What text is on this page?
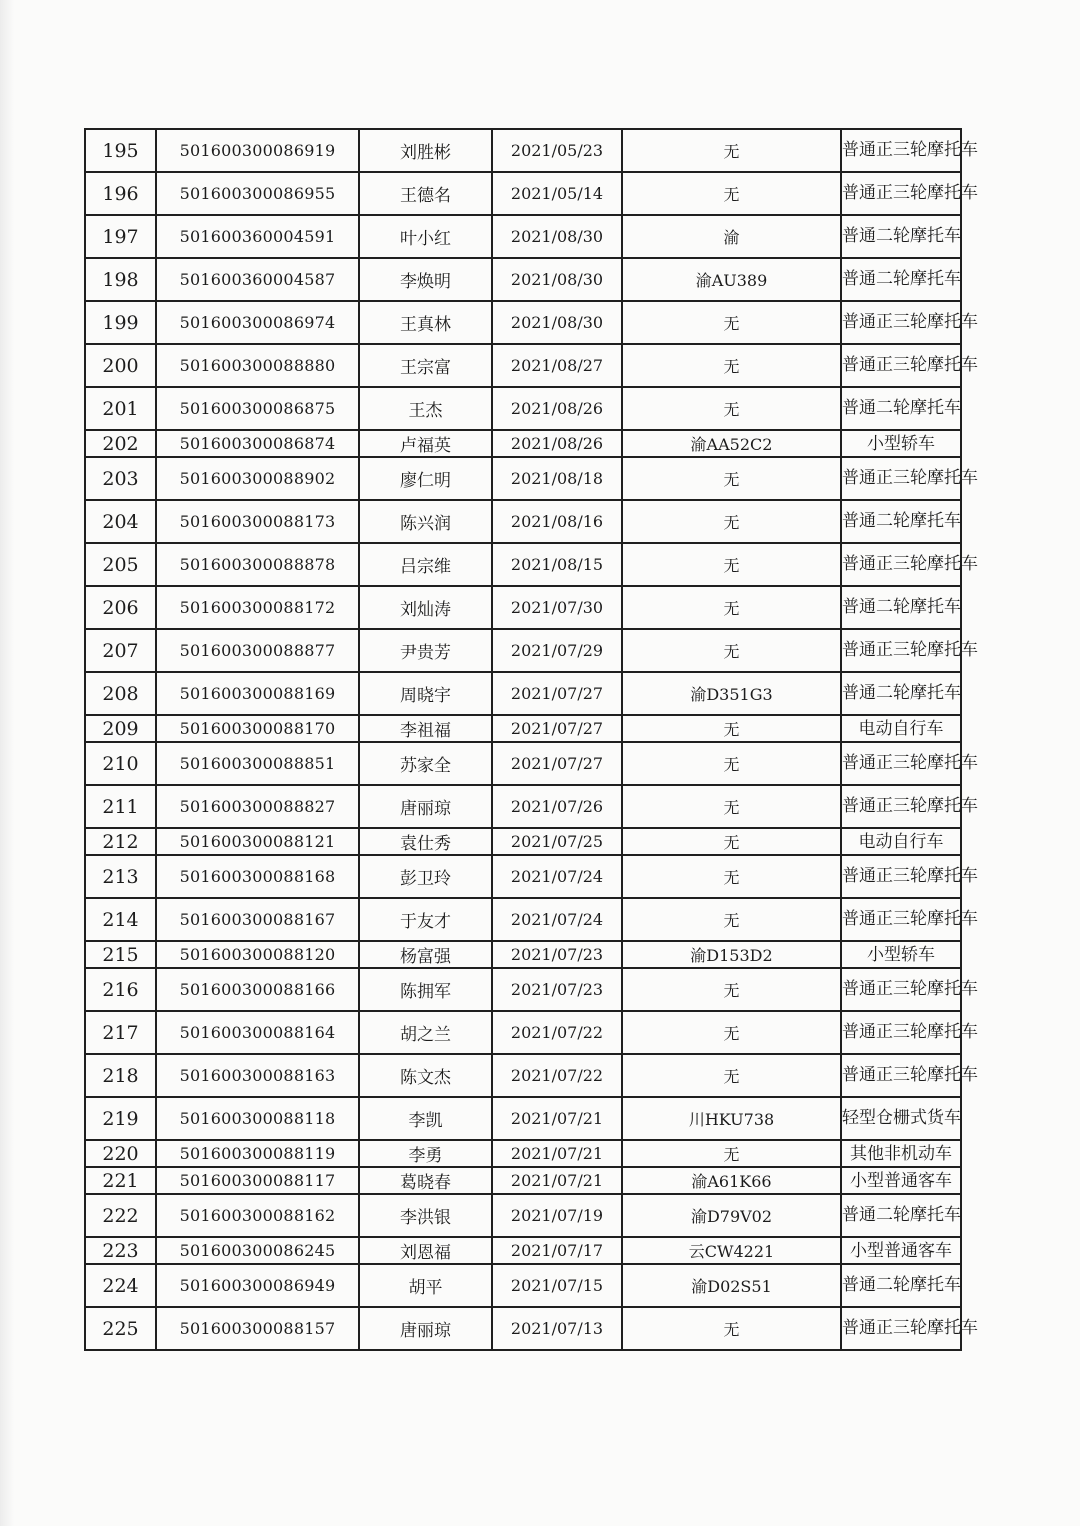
195	501600300086919	刘胜彬	2021/05/23	无	普通正三轮摩托车
196	501600300086955	王德名	2021/05/14	无	普通正三轮摩托车
197	501600360004591	叶小红	2021/08/30	渝	普通二轮摩托车
198	501600360004587	李焕明	2021/08/30	渝AU389	普通二轮摩托车
199	501600300086974	王真林	2021/08/30	无	普通正三轮摩托车
200	501600300088880	王宗富	2021/08/27	无	普通正三轮摩托车
201	501600300086875	王杰	2021/08/26	无	普通二轮摩托车
202	501600300086874	卢福英	2021/08/26	渝AA52C2	小型轿车
203	501600300088902	廖仁明	2021/08/18	无	普通正三轮摩托车
204	501600300088173	陈兴润	2021/08/16	无	普通二轮摩托车
205	501600300088878	吕宗维	2021/08/15	无	普通正三轮摩托车
206	501600300088172	刘灿涛	2021/07/30	无	普通二轮摩托车
207	501600300088877	尹贵芳	2021/07/29	无	普通正三轮摩托车
208	501600300088169	周晓宇	2021/07/27	渝D351G3	普通二轮摩托车
209	501600300088170	李祖福	2021/07/27	无	电动自行车
210	501600300088851	苏家全	2021/07/27	无	普通正三轮摩托车
211	501600300088827	唐丽琼	2021/07/26	无	普通正三轮摩托车
212	501600300088121	袁仕秀	2021/07/25	无	电动自行车
213	501600300088168	彭卫玲	2021/07/24	无	普通正三轮摩托车
214	501600300088167	于友才	2021/07/24	无	普通正三轮摩托车
215	501600300088120	杨富强	2021/07/23	渝D153D2	小型轿车
216	501600300088166	陈拥军	2021/07/23	无	普通正三轮摩托车
217	501600300088164	胡之兰	2021/07/22	无	普通正三轮摩托车
218	501600300088163	陈文杰	2021/07/22	无	普通正三轮摩托车
219	501600300088118	李凯	2021/07/21	川HKU738	轻型仓栅式货车
220	501600300088119	李勇	2021/07/21	无	其他非机动车
221	501600300088117	葛晓春	2021/07/21	渝A61K66	小型普通客车
222	501600300088162	李洪银	2021/07/19	渝D79V02	普通二轮摩托车
223	501600300086245	刘恩福	2021/07/17	云CW4221	小型普通客车
224	501600300086949	胡平	2021/07/15	渝D02S51	普通二轮摩托车
225	501600300088157	唐丽琼	2021/07/13	无	普通正三轮摩托车
